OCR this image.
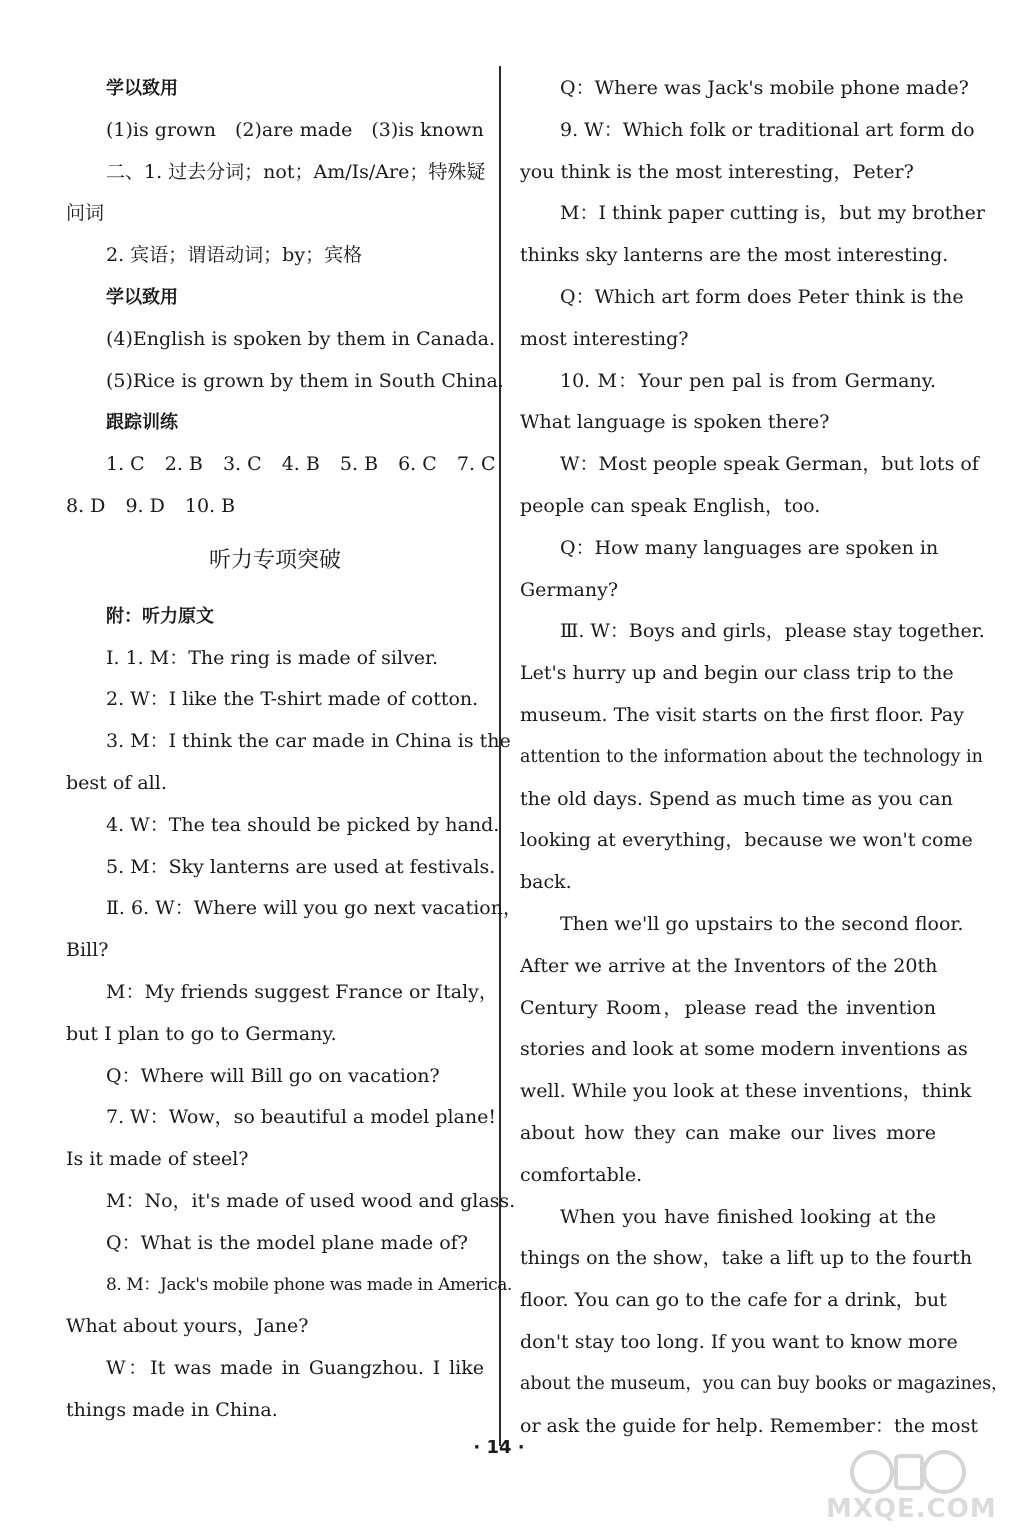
学以致用
(1)is grown　(2)are made　(3)is known
二、1. 过去分词；not；Am/Is/Are；特殊疑
问词
2. 宾语；谓语动词；by；宾格
学以致用
(4)English is spoken by them in Canada.
(5)Rice is grown by them in South China.
跟踪训练
1. C 2. B 3. C 4. B 5. B 6. C 7. C
8. D 9. D 10. B
听力专项突破
附：听力原文
Ⅰ. 1. M：The ring is made of silver.
2. W：I like the T-shirt made of cotton.
3. M：I think the car made in China is the
best of all.
4. W：The tea should be picked by hand.
5. M：Sky lanterns are used at festivals.
Ⅱ. 6. W：Where will you go next vacation，
Bill?
M：My friends suggest France or Italy，
but I plan to go to Germany.
Q：Where will Bill go on vacation?
7. W：Wow，so beautiful a model plane!
Is it made of steel?
M：No，it's made of used wood and glass.
Q：What is the model plane made of?
8. M：Jack's mobile phone was made in America.
What about yours，Jane?
W：It was made in Guangzhou. I like
things made in China.
Q：Where was Jack's mobile phone made?
9. W：Which folk or traditional art form do
you think is the most interesting，Peter?
M：I think paper cutting is，but my brother
thinks sky lanterns are the most interesting.
Q：Which art form does Peter think is the
most interesting?
10. M：Your pen pal is from Germany.
What language is spoken there?
W：Most people speak German，but lots of
people can speak English，too.
Q：How many languages are spoken in
Germany?
Ⅲ. W：Boys and girls，please stay together.
Let's hurry up and begin our class trip to the
museum. The visit starts on the first floor. Pay
attention to the information about the technology in
the old days. Spend as much time as you can
looking at everything，because we won't come
back.
Then we'll go upstairs to the second floor.
After we arrive at the Inventors of the 20th
Century Room，please read the invention
stories and look at some modern inventions as
well. While you look at these inventions，think
about how they can make our lives more
comfortable.
When you have finished looking at the
things on the show，take a lift up to the fourth
floor. You can go to the cafe for a drink，but
don't stay too long. If you want to know more
about the museum，you can buy books or magazines，
or ask the guide for help. Remember：the most
· 14 ·
MXQE.COM
